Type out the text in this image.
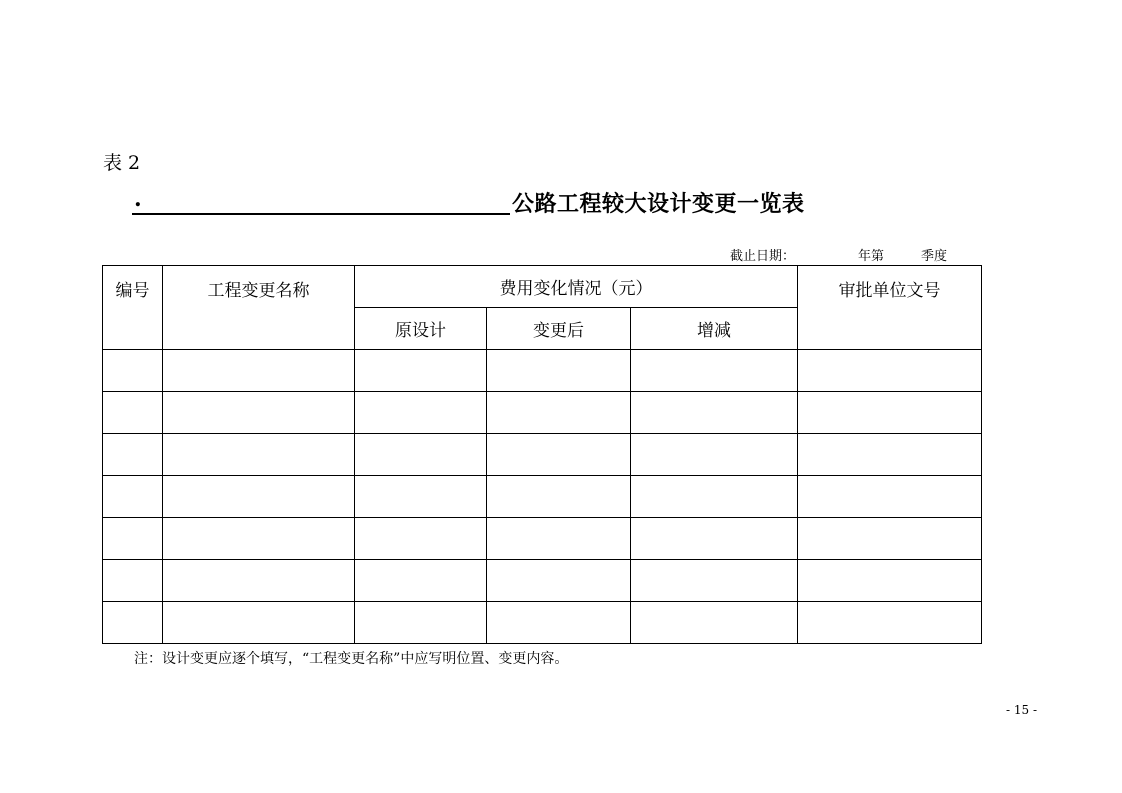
表 2
.	公路工程较大设计变更一览表
截止日期：	年第	季度
编号	工程变更名称	费用变化情况（元）			审批单位文号
		原设计	变更后	增减	

注：设计变更应逐个填写，“工程变更名称”中应写明位置、变更内容。
- 15 -
